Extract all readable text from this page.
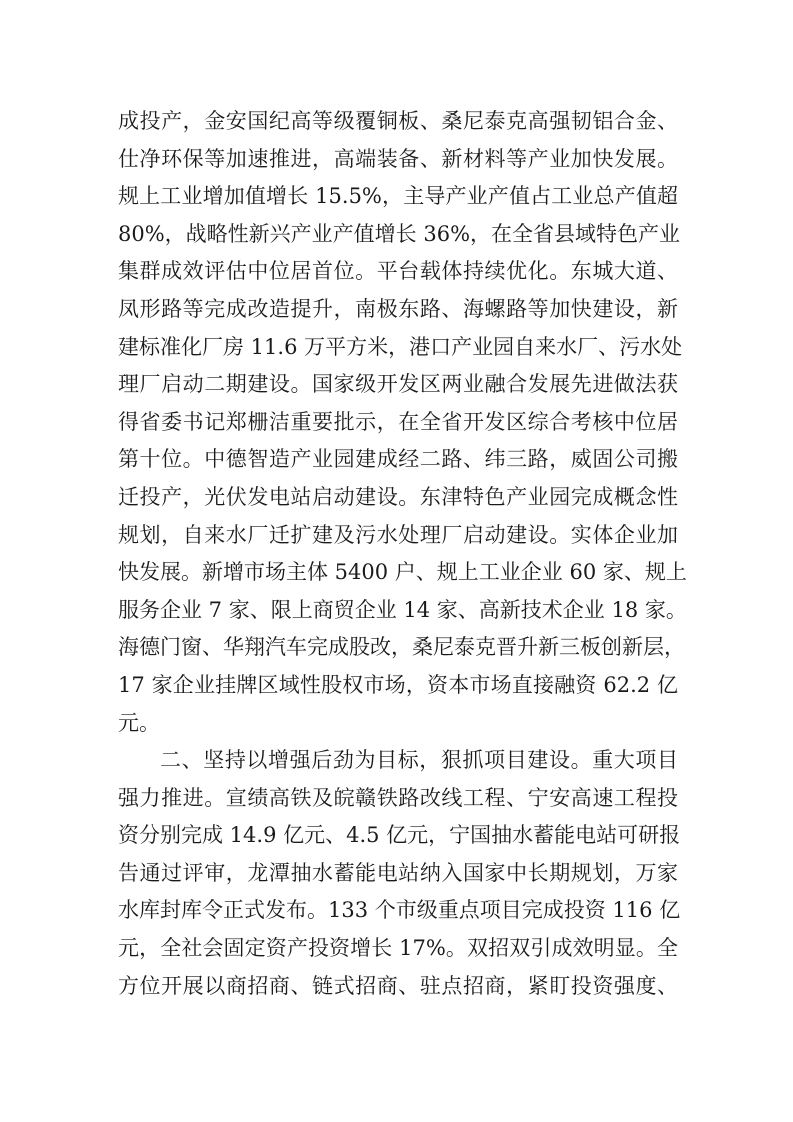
成投产，金安国纪高等级覆铜板、桑尼泰克高强韧铝合金、
仕净环保等加速推进，高端装备、新材料等产业加快发展。
规上工业增加值增长 15.5%，主导产业产值占工业总产值超
80%，战略性新兴产业产值增长 36%，在全省县域特色产业
集群成效评估中位居首位。平台载体持续优化。东城大道、
凤形路等完成改造提升，南极东路、海螺路等加快建设，新
建标准化厂房 11.6 万平方米，港口产业园自来水厂、污水处
理厂启动二期建设。国家级开发区两业融合发展先进做法获
得省委书记郑栅洁重要批示，在全省开发区综合考核中位居
第十位。中德智造产业园建成经二路、纬三路，威固公司搬
迁投产，光伏发电站启动建设。东津特色产业园完成概念性
规划，自来水厂迁扩建及污水处理厂启动建设。实体企业加
快发展。新增市场主体 5400 户、规上工业企业 60 家、规上
服务企业 7 家、限上商贸企业 14 家、高新技术企业 18 家。
海德门窗、华翔汽车完成股改，桑尼泰克晋升新三板创新层，
17 家企业挂牌区域性股权市场，资本市场直接融资 62.2 亿
元。
二、坚持以增强后劲为目标，狠抓项目建设。重大项目
强力推进。宣绩高铁及皖赣铁路改线工程、宁安高速工程投
资分别完成 14.9 亿元、4.5 亿元，宁国抽水蓄能电站可研报
告通过评审，龙潭抽水蓄能电站纳入国家中长期规划，万家
水库封库令正式发布。133 个市级重点项目完成投资 116 亿
元，全社会固定资产投资增长 17%。双招双引成效明显。全
方位开展以商招商、链式招商、驻点招商，紧盯投资强度、
